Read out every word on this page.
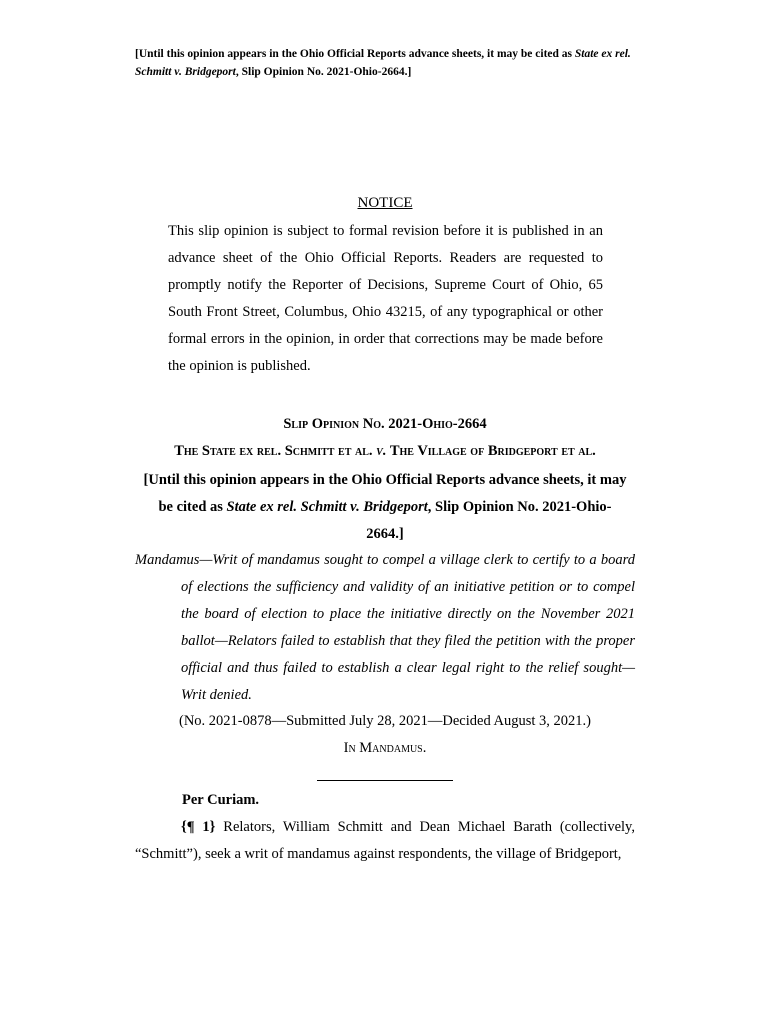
[Until this opinion appears in the Ohio Official Reports advance sheets, it may be cited as State ex rel. Schmitt v. Bridgeport, Slip Opinion No. 2021-Ohio-2664.]
NOTICE
This slip opinion is subject to formal revision before it is published in an advance sheet of the Ohio Official Reports. Readers are requested to promptly notify the Reporter of Decisions, Supreme Court of Ohio, 65 South Front Street, Columbus, Ohio 43215, of any typographical or other formal errors in the opinion, in order that corrections may be made before the opinion is published.
Slip Opinion No. 2021-Ohio-2664
The State ex rel. Schmitt et al. v. The Village of Bridgeport et al.
[Until this opinion appears in the Ohio Official Reports advance sheets, it may be cited as State ex rel. Schmitt v. Bridgeport, Slip Opinion No. 2021-Ohio-2664.]
Mandamus—Writ of mandamus sought to compel a village clerk to certify to a board of elections the sufficiency and validity of an initiative petition or to compel the board of election to place the initiative directly on the November 2021 ballot—Relators failed to establish that they filed the petition with the proper official and thus failed to establish a clear legal right to the relief sought—Writ denied.
(No. 2021-0878—Submitted July 28, 2021—Decided August 3, 2021.)
In Mandamus.
Per Curiam.
{¶ 1} Relators, William Schmitt and Dean Michael Barath (collectively, “Schmitt”), seek a writ of mandamus against respondents, the village of Bridgeport,
